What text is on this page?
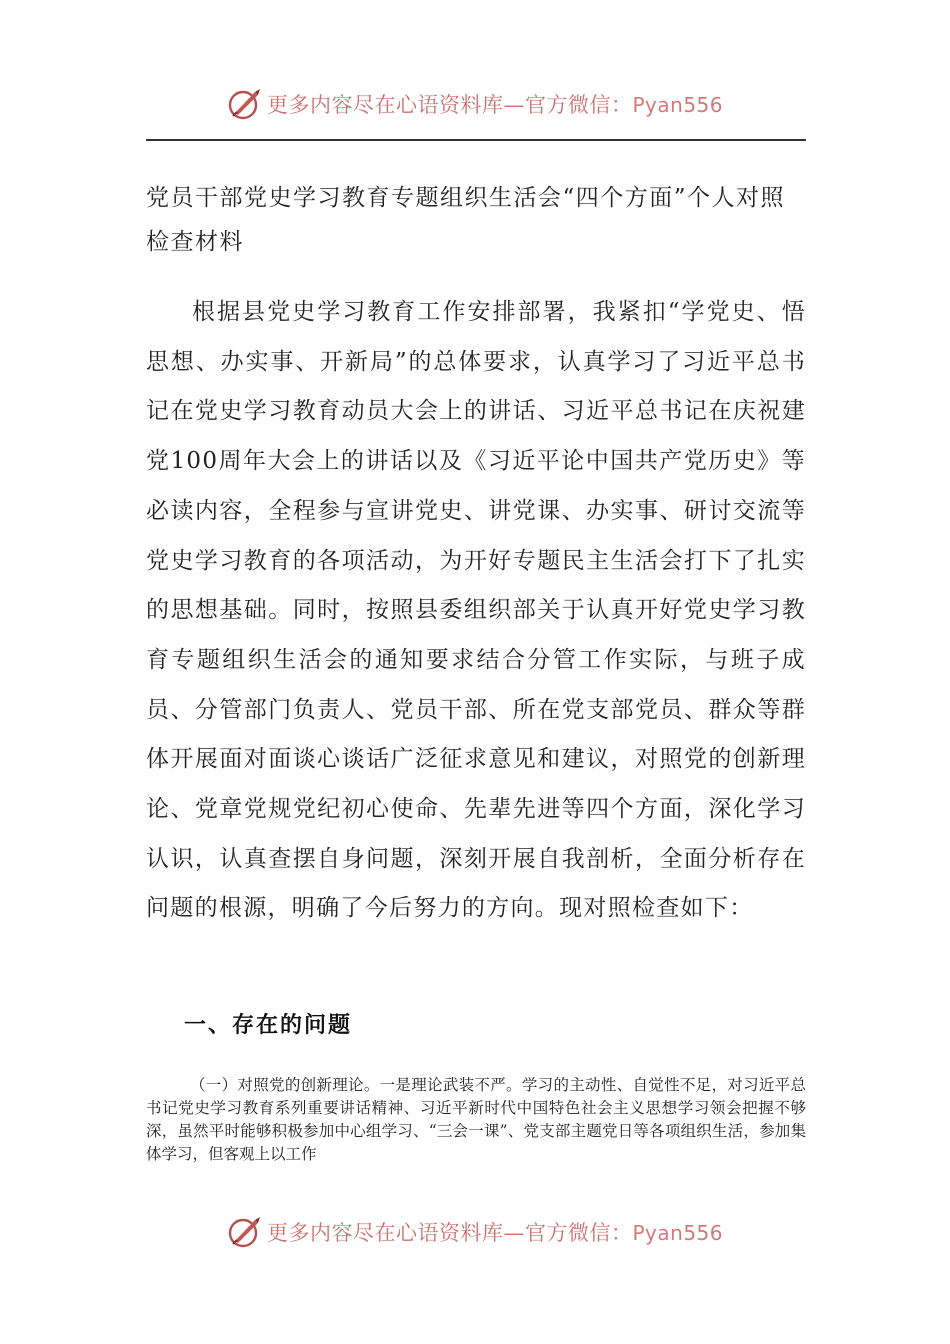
更多内容尽在心语资料库—官方微信：Pyan556
党员干部党史学习教育专题组织生活会“四个方面”个人对照检查材料
根据县党史学习教育工作安排部署，我紧扣“学党史、悟思想、办实事、开新局”的总体要求，认真学习了习近平总书记在党史学习教育动员大会上的讲话、习近平总书记在庆祝建党100周年大会上的讲话以及《习近平论中国共产党历史》等必读内容，全程参与宣讲党史、讲党课、办实事、研讨交流等党史学习教育的各项活动，为开好专题民主生活会打下了扎实的思想基础。同时，按照县委组织部关于认真开好党史学习教育专题组织生活会的通知要求结合分管工作实际，与班子成员、分管部门负责人、党员干部、所在党支部党员、群众等群体开展面对面谈心谈话广泛征求意见和建议，对照党的创新理论、党章党规党纪初心使命、先辈先进等四个方面，深化学习认识，认真查摆自身问题，深刻开展自我剖析，全面分析存在问题的根源，明确了今后努力的方向。现对照检查如下：
一、存在的问题
（一）对照党的创新理论。一是理论武装不严。学习的主动性、自觉性不足，对习近平总书记党史学习教育系列重要讲话精神、习近平新时代中国特色社会主义思想学习领会把握不够深，虽然平时能够积极参加中心组学习、“三会一课”、党支部主题党日等各项组织生活，参加集体学习，但客观上以工作
更多内容尽在心语资料库—官方微信：Pyan556
